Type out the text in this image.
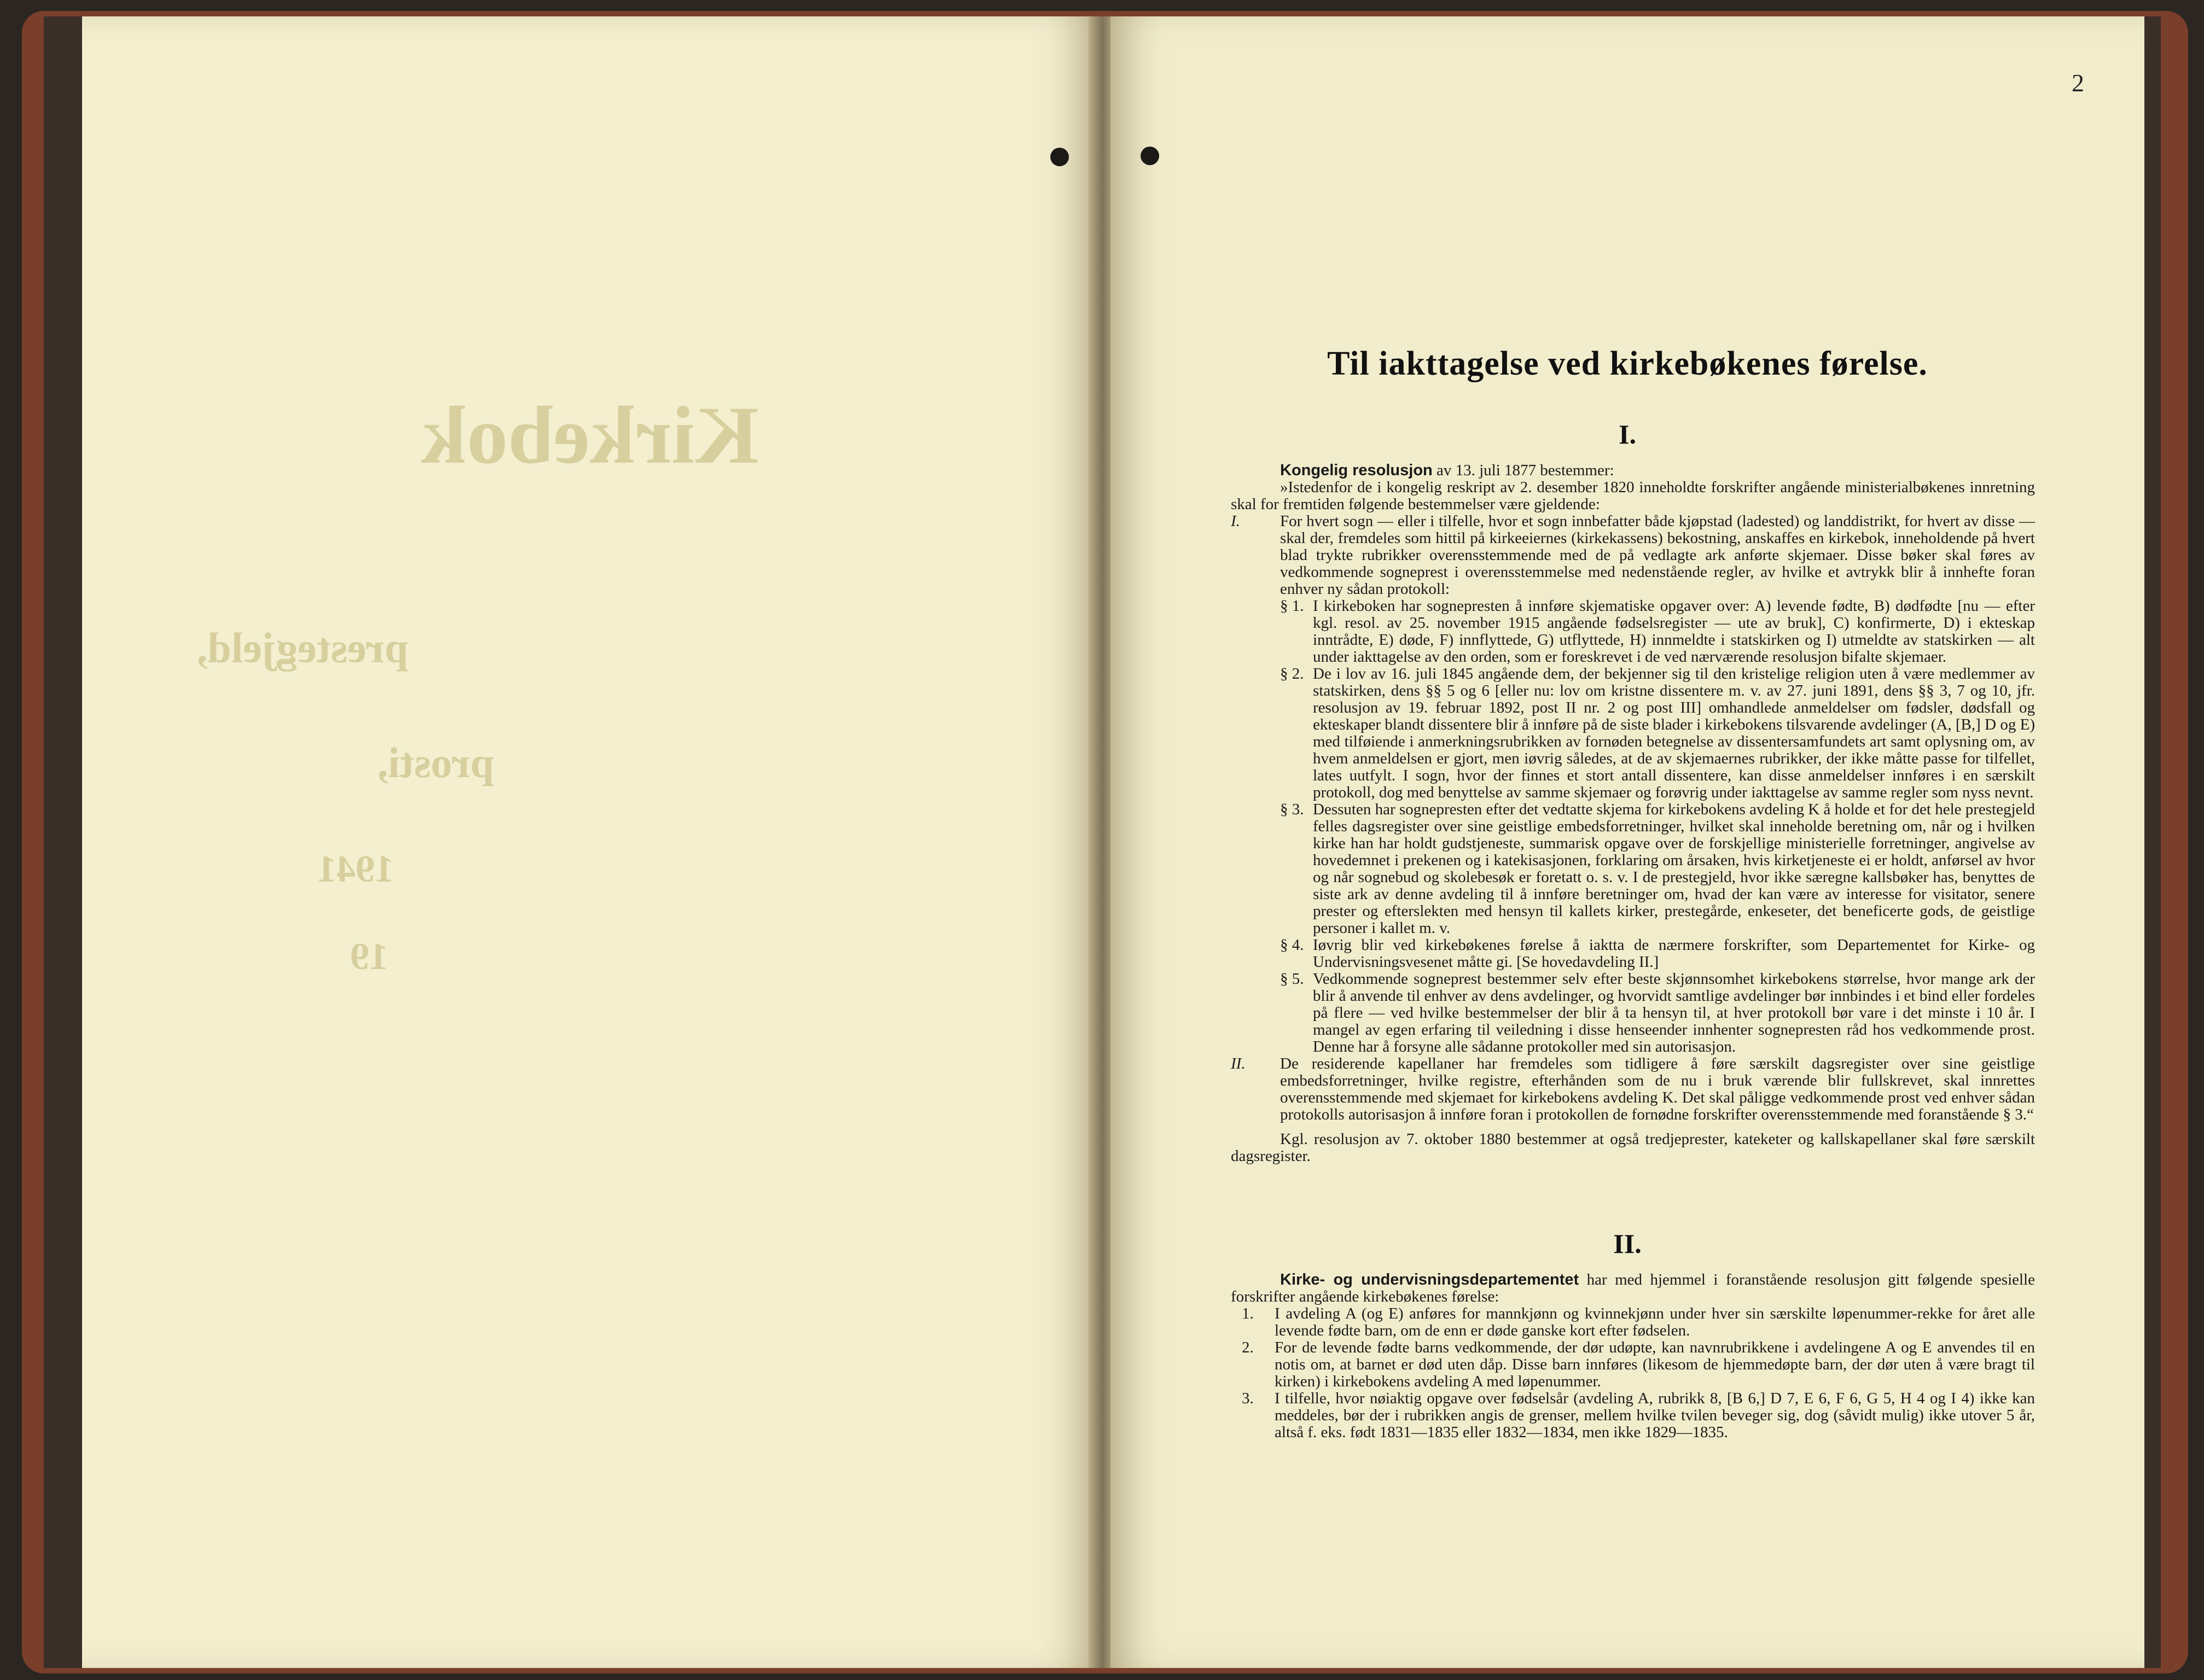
Kirkebok
prestegjeld,
prosti,
1941
19
2
Til iakttagelse ved kirkebøkenes førelse.
I.

Kongelig resolusjon av 13. juli 1877 bestemmer:

»Istedenfor de i kongelig reskript av 2. desember 1820 inneholdte forskrifter angående ministerialbøkenes innretning skal for fremtiden følgende bestemmelser være gjeldende:

I.	For hvert sogn — eller i tilfelle, hvor et sogn innbefatter både kjøpstad (ladested) og landdistrikt, for hvert av disse — skal der, fremdeles som hittil på kirkeeiernes (kirkekassens) bekostning, anskaffes en kirkebok, inneholdende på hvert blad trykte rubrikker overensstemmende med de på vedlagte ark anførte skjemaer. Disse bøker skal føres av vedkommende sogneprest i overensstemmelse med nedenstående regler, av hvilke et avtrykk blir å innhefte foran enhver ny sådan protokoll:
§ 1. I kirkeboken har sognepresten å innføre skjematiske opgaver over: A) levende fødte, B) dødfødte [nu — efter kgl. resol. av 25. november 1915 angående fødselsregister — ute av bruk], C) konfirmerte, D) i ekteskap inntrådte, E) døde, F) innflyttede, G) utflyttede, H) innmeldte i statskirken og I) utmeldte av statskirken — alt under iakttagelse av den orden, som er foreskrevet i de ved nærværende resolusjon bifalte skjemaer.
§ 2. De i lov av 16. juli 1845 angående dem, der bekjenner sig til den kristelige religion uten å være medlemmer av statskirken, dens §§ 5 og 6 [eller nu: lov om kristne dissentere m. v. av 27. juni 1891, dens §§ 3, 7 og 10, jfr. resolusjon av 19. februar 1892, post II nr. 2 og post III] omhandlede anmeldelser om fødsler, dødsfall og ekteskaper blandt dissentere blir å innføre på de siste blader i kirkebokens tilsvarende avdelinger (A, [B,] D og E) med tilføiende i anmerkningsrubrikken av fornøden betegnelse av dissentersamfundets art samt oplysning om, av hvem anmeldelsen er gjort, men iøvrig således, at de av skjemaernes rubrikker, der ikke måtte passe for tilfellet, lates uutfylt. I sogn, hvor der finnes et stort antall dissentere, kan disse anmeldelser innføres i en særskilt protokoll, dog med benyttelse av samme skjemaer og forøvrig under iakttagelse av samme regler som nyss nevnt.
§ 3. Dessuten har sognepresten efter det vedtatte skjema for kirkebokens avdeling K å holde et for det hele prestegjeld felles dagsregister over sine geistlige embedsforretninger, hvilket skal inneholde beretning om, når og i hvilken kirke han har holdt gudstjeneste, summarisk opgave over de forskjellige ministerielle forretninger, angivelse av hovedemnet i prekenen og i katekisasjonen, forklaring om årsaken, hvis kirketjeneste ei er holdt, anførsel av hvor og når sognebud og skolebesøk er foretatt o. s. v. I de prestegjeld, hvor ikke særegne kallsbøker has, benyttes de siste ark av denne avdeling til å innføre beretninger om, hvad der kan være av interesse for visitator, senere prester og efterslekten med hensyn til kallets kirker, prestegårde, enkeseter, det beneficerte gods, de geistlige personer i kallet m. v.
§ 4. Iøvrig blir ved kirkebøkenes førelse å iaktta de nærmere forskrifter, som Departementet for Kirke- og Undervisningsvesenet måtte gi. [Se hovedavdeling II.]
§ 5. Vedkommende sogneprest bestemmer selv efter beste skjønnsomhet kirkebokens størrelse, hvor mange ark der blir å anvende til enhver av dens avdelinger, og hvorvidt samtlige avdelinger bør innbindes i et bind eller fordeles på flere — ved hvilke bestemmelser der blir å ta hensyn til, at hver protokoll bør vare i det minste i 10 år. I mangel av egen erfaring til veiledning i disse henseender innhenter sognepresten råd hos vedkommende prost. Denne har å forsyne alle sådanne protokoller med sin autorisasjon.
II.	De residerende kapellaner har fremdeles som tidligere å føre særskilt dagsregister over sine geistlige embedsforretninger, hvilke registre, efterhånden som de nu i bruk værende blir fullskrevet, skal innrettes overensstemmende med skjemaet for kirkebokens avdeling K. Det skal påligge vedkommende prost ved enhver sådan protokolls autorisasjon å innføre foran i protokollen de fornødne forskrifter overensstemmende med foranstående § 3.“

Kgl. resolusjon av 7. oktober 1880 bestemmer at også tredjeprester, kateketer og kallskapellaner skal føre særskilt dagsregister.

II.

Kirke- og undervisningsdepartementet har med hjemmel i foranstående resolusjon gitt følgende spesielle forskrifter angående kirkebøkenes førelse:

1.	I avdeling A (og E) anføres for mannkjønn og kvinnekjønn under hver sin særskilte løpenummer-rekke for året alle levende fødte barn, om de enn er døde ganske kort efter fødselen.
2.	For de levende fødte barns vedkommende, der dør udøpte, kan navnrubrikkene i avdelingene A og E anvendes til en notis om, at barnet er død uten dåp. Disse barn innføres (likesom de hjemmedøpte barn, der dør uten å være bragt til kirken) i kirkebokens avdeling A med løpenummer.
3.	I tilfelle, hvor nøiaktig opgave over fødselsår (avdeling A, rubrikk 8, [B 6,] D 7, E 6, F 6, G 5, H 4 og I 4) ikke kan meddeles, bør der i rubrikken angis de grenser, mellem hvilke tvilen beveger sig, dog (såvidt mulig) ikke utover 5 år, altså f. eks. født 1831—1835 eller 1832—1834, men ikke 1829—1835.
